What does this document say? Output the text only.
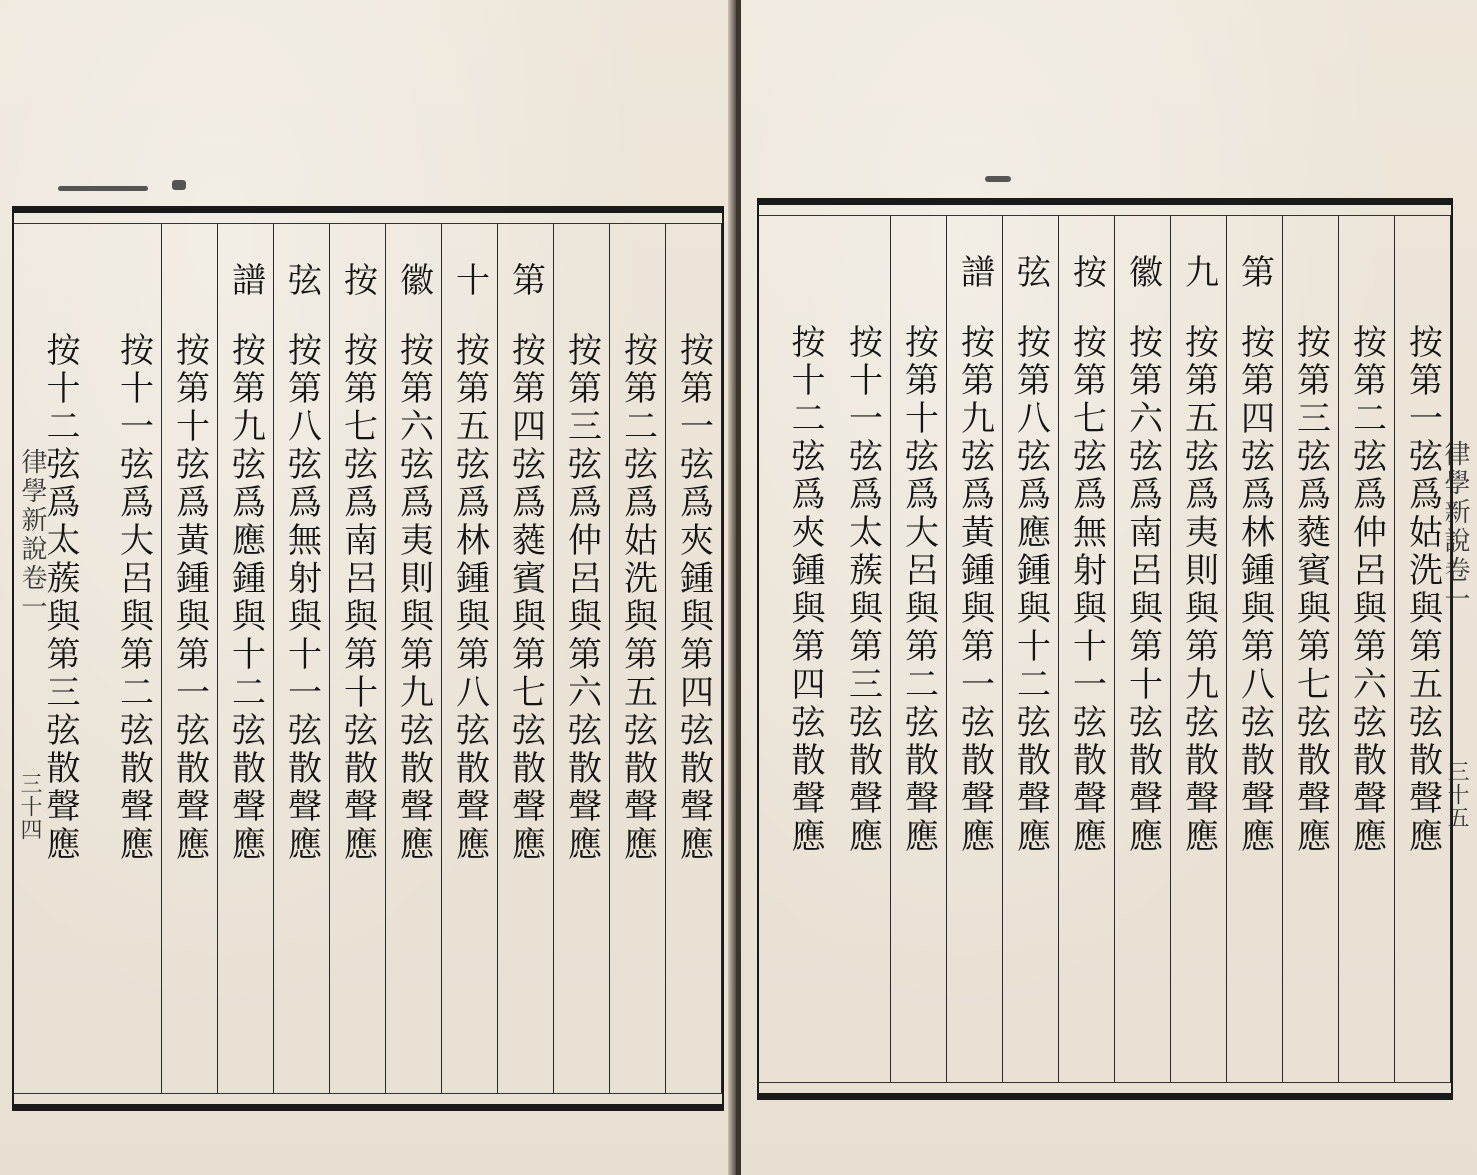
律學新說卷一
三十四	按第一弦爲夾鍾與第四弦散聲應
按第二弦爲姑洗與第五弦散聲應
按第三弦爲仲呂與第六弦散聲應
第
按第四弦爲蕤賓與第七弦散聲應
十
按第五弦爲林鍾與第八弦散聲應
徽
按第六弦爲夷則與第九弦散聲應
按
按第七弦爲南呂與第十弦散聲應
弦
按第八弦爲無射與十一弦散聲應
譜
按第九弦爲應鍾與十二弦散聲應
按第十弦爲黃鍾與第一弦散聲應
按十一弦爲大呂與第二弦散聲應
按十二弦爲太蔟與第三弦散聲應	律學新說卷一
三十五
按第一弦爲姑洗與第五弦散聲應
按第二弦爲仲呂與第六弦散聲應
按第三弦爲蕤賓與第七弦散聲應
第
按第四弦爲林鍾與第八弦散聲應
九
按第五弦爲夷則與第九弦散聲應
徽
按第六弦爲南呂與第十弦散聲應
按
按第七弦爲無射與十一弦散聲應
弦
按第八弦爲應鍾與十二弦散聲應
譜
按第九弦爲黃鍾與第一弦散聲應
按第十弦爲大呂與第二弦散聲應
按十一弦爲太蔟與第三弦散聲應
按十二弦爲夾鍾與第四弦散聲應
